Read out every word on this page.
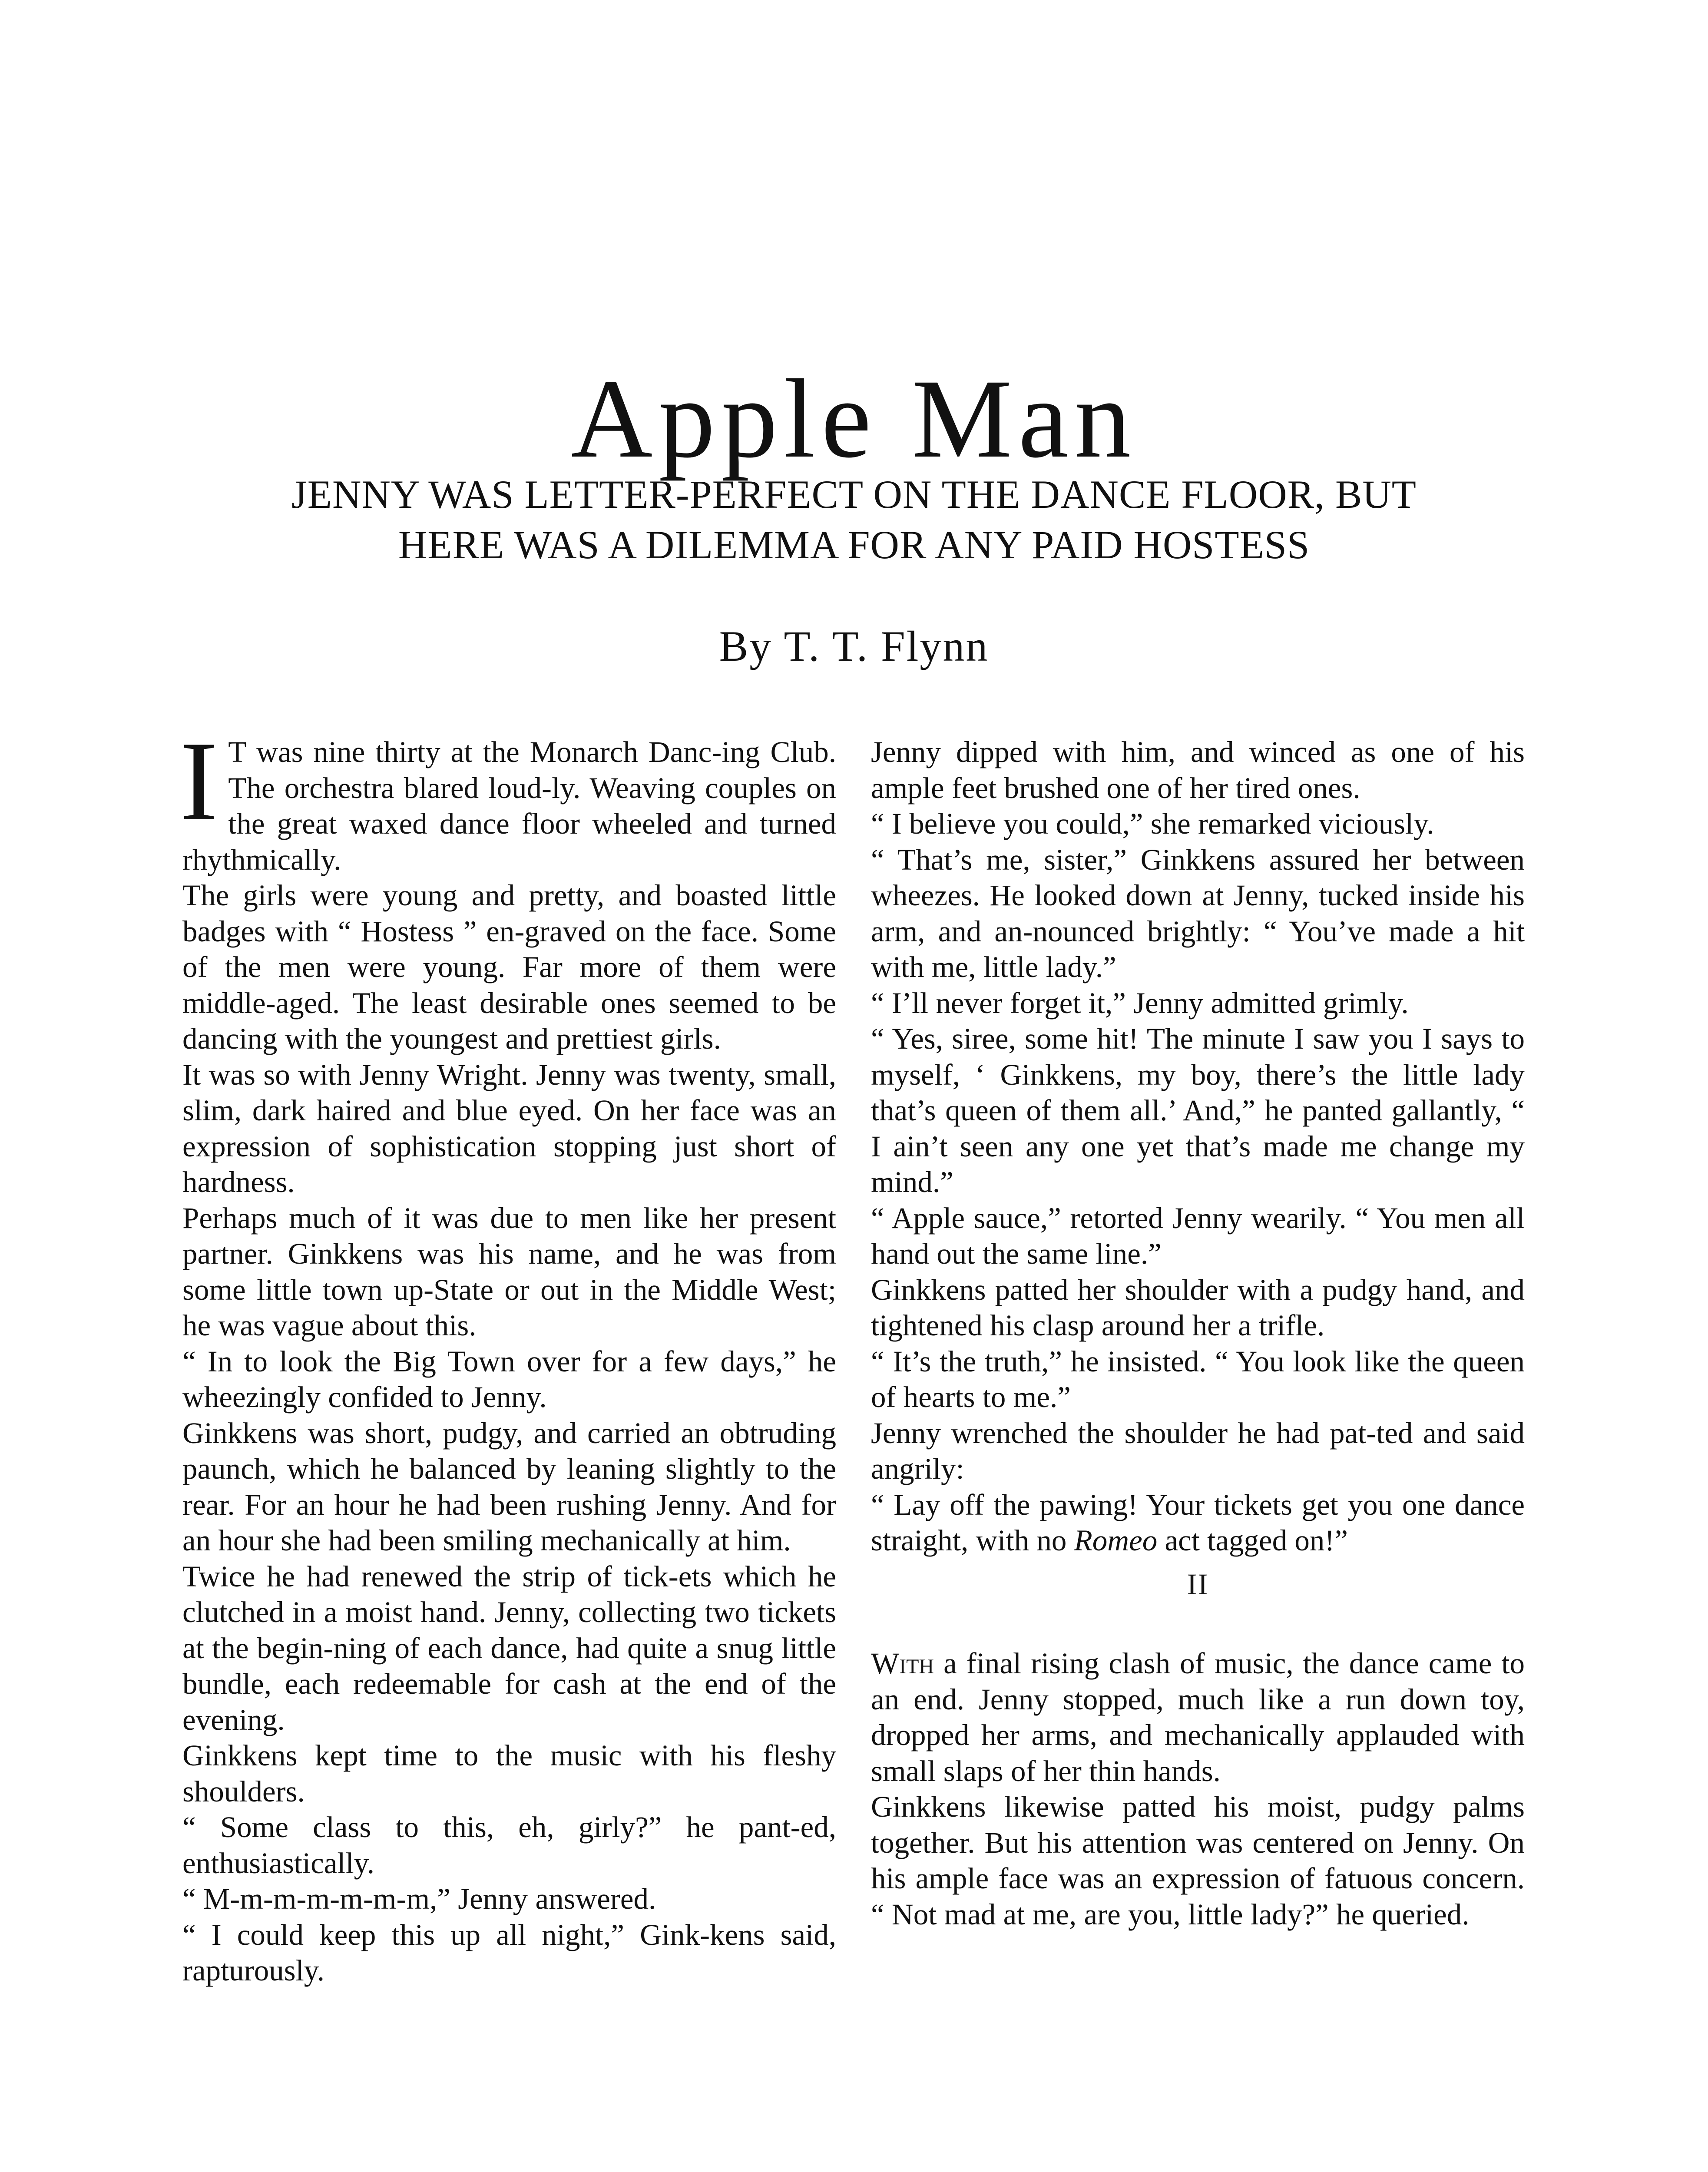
Apple Man
JENNY WAS LETTER-PERFECT ON THE DANCE FLOOR, BUT
HERE WAS A DILEMMA FOR ANY PAID HOSTESS
By T. T. Flynn

I T was nine thirty at the Monarch Danc-ing Club. The orchestra blared loud-ly. Weaving couples on the great waxed dance floor wheeled and turned rhythmically.

The girls were young and pretty, and boasted little badges with “ Hostess ” en-graved on the face. Some of the men were young. Far more of them were middle-aged. The least desirable ones seemed to be dancing with the youngest and prettiest girls.

It was so with Jenny Wright. Jenny was twenty, small, slim, dark haired and blue eyed. On her face was an expression of sophistication stopping just short of hardness.

Perhaps much of it was due to men like her present partner. Ginkkens was his name, and he was from some little town up-State or out in the Middle West; he was vague about this.

“ In to look the Big Town over for a few days,” he wheezingly confided to Jenny.

Ginkkens was short, pudgy, and carried an obtruding paunch, which he balanced by leaning slightly to the rear. For an hour he had been rushing Jenny. And for an hour she had been smiling mechanically at him.

Twice he had renewed the strip of tick-ets which he clutched in a moist hand. Jenny, collecting two tickets at the begin-ning of each dance, had quite a snug little bundle, each redeemable for cash at the end of the evening.

Ginkkens kept time to the music with his fleshy shoulders.

“ Some class to this, eh, girly?” he pant-ed, enthusiastically.

“ M-m-m-m-m-m-m,” Jenny answered.

“ I could keep this up all night,” Gink-kens said, rapturously.

Jenny dipped with him, and winced as one of his ample feet brushed one of her tired ones.

“ I believe you could,” she remarked viciously.

“ That’s me, sister,” Ginkkens assured her between wheezes. He looked down at Jenny, tucked inside his arm, and an-nounced brightly: “ You’ve made a hit with me, little lady.”

“ I’ll never forget it,” Jenny admitted grimly.

“ Yes, siree, some hit! The minute I saw you I says to myself, ‘ Ginkkens, my boy, there’s the little lady that’s queen of them all.’ And,” he panted gallantly, “ I ain’t seen any one yet that’s made me change my mind.”

“ Apple sauce,” retorted Jenny wearily. “ You men all hand out the same line.”

Ginkkens patted her shoulder with a pudgy hand, and tightened his clasp around her a trifle.

“ It’s the truth,” he insisted. “ You look like the queen of hearts to me.”

Jenny wrenched the shoulder he had pat-ted and said angrily:

“ Lay off the pawing! Your tickets get you one dance straight, with no Romeo act tagged on!”

II

With a final rising clash of music, the dance came to an end. Jenny stopped, much like a run down toy, dropped her arms, and mechanically applauded with small slaps of her thin hands.

Ginkkens likewise patted his moist, pudgy palms together. But his attention was centered on Jenny. On his ample face was an expression of fatuous concern. “ Not mad at me, are you, little lady?” he queried.
